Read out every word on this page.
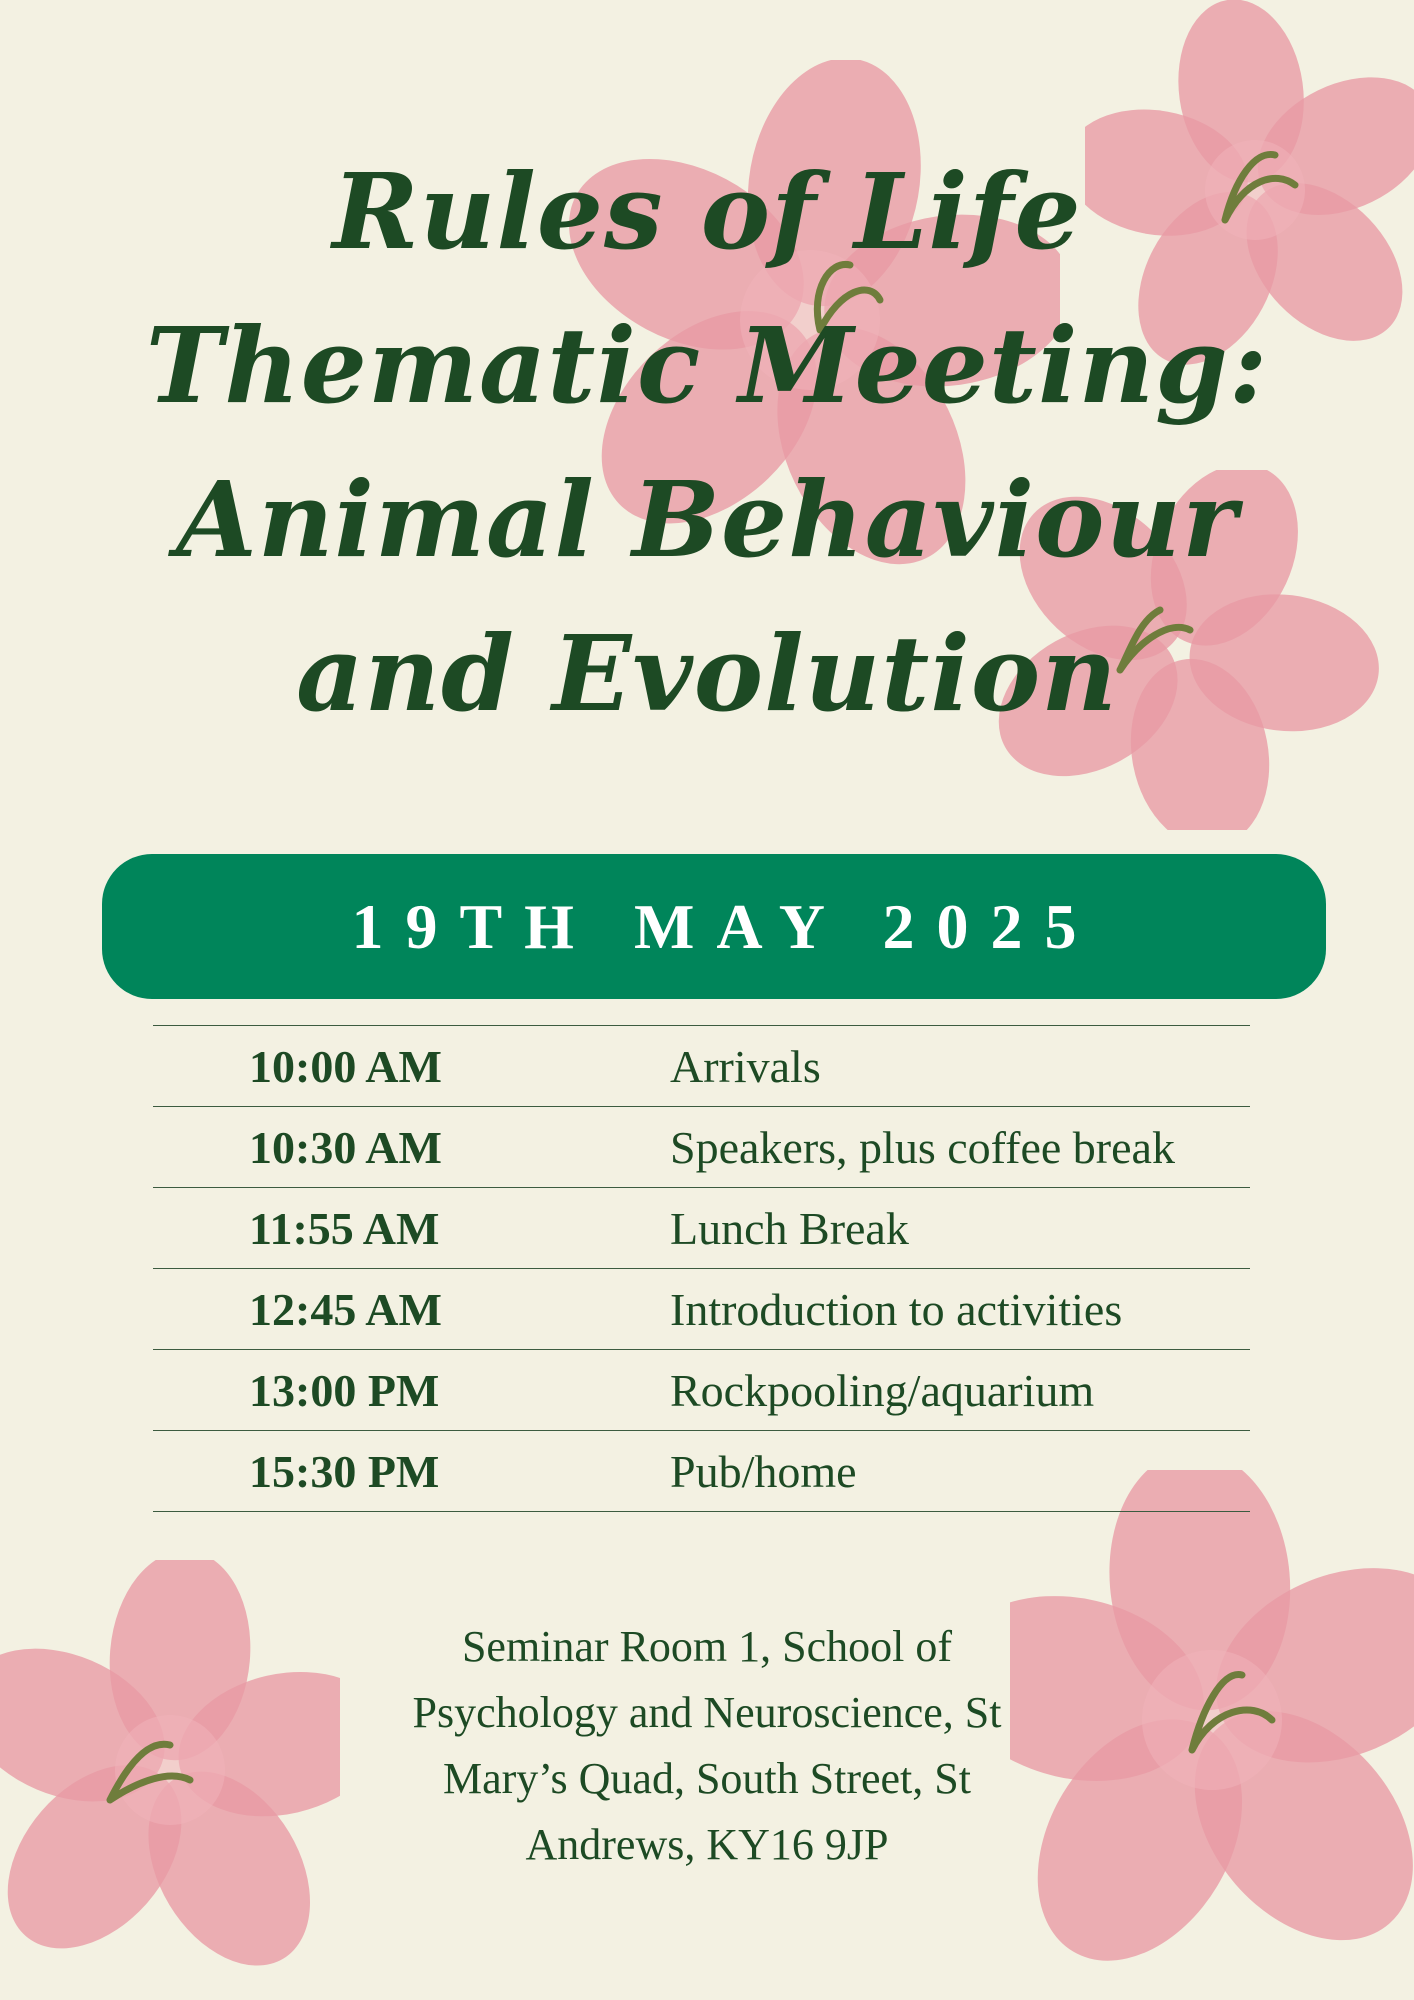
Rules of Life
Thematic Meeting:
Animal Behaviour
and Evolution
19TH MAY 2025
10:00 AM	Arrivals
10:30 AM	Speakers, plus coffee break
11:55 AM	Lunch Break
12:45 AM	Introduction to activities
13:00 PM	Rockpooling/aquarium
15:30 PM	Pub/home
Seminar Room 1, School of
Psychology and Neuroscience, St
Mary’s Quad, South Street, St
Andrews, KY16 9JP
